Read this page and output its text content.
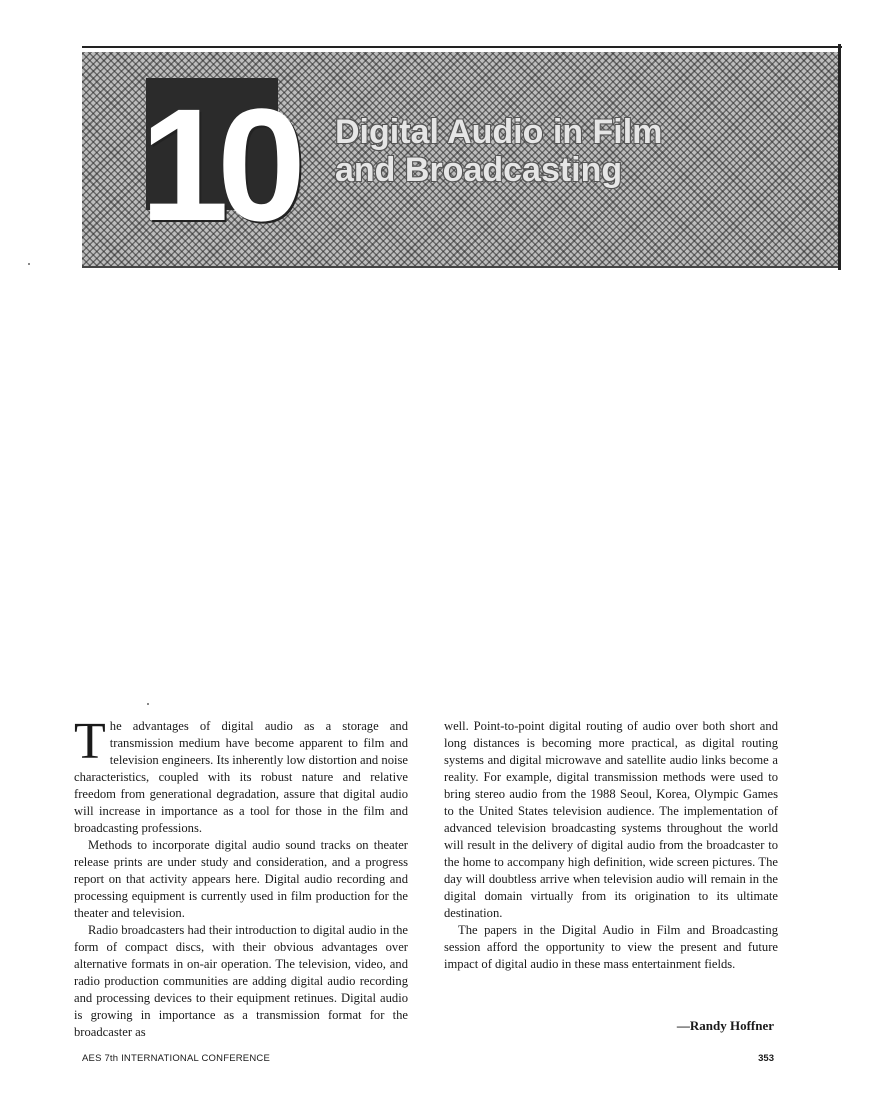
10 Digital Audio in Film
and Broadcasting

The advantages of digital audio as a storage and transmission medium have become apparent to film and television engineers. Its inherently low distortion and noise characteristics, coupled with its robust nature and relative freedom from generational degradation, assure that digital audio will increase in importance as a tool for those in the film and broadcasting professions.

Methods to incorporate digital audio sound tracks on theater release prints are under study and consideration, and a progress report on that activity appears here. Digital audio recording and processing equipment is currently used in film production for the theater and television.

Radio broadcasters had their introduction to digital audio in the form of compact discs, with their obvious advantages over alternative formats in on-air operation. The television, video, and radio production communities are adding digital audio recording and processing devices to their equipment retinues. Digital audio is growing in importance as a transmission format for the broadcaster as

well. Point-to-point digital routing of audio over both short and long distances is becoming more practical, as digital routing systems and digital microwave and satellite audio links become a reality. For example, digital transmission methods were used to bring stereo audio from the 1988 Seoul, Korea, Olympic Games to the United States television audience. The implementation of advanced television broadcasting systems throughout the world will result in the delivery of digital audio from the broadcaster to the home to accompany high definition, wide screen pictures. The day will doubtless arrive when television audio will remain in the digital domain virtually from its origination to its ultimate destination.

The papers in the Digital Audio in Film and Broadcasting session afford the opportunity to view the present and future impact of digital audio in these mass entertainment fields.

—Randy Hoffner
AES 7th INTERNATIONAL CONFERENCE	353
